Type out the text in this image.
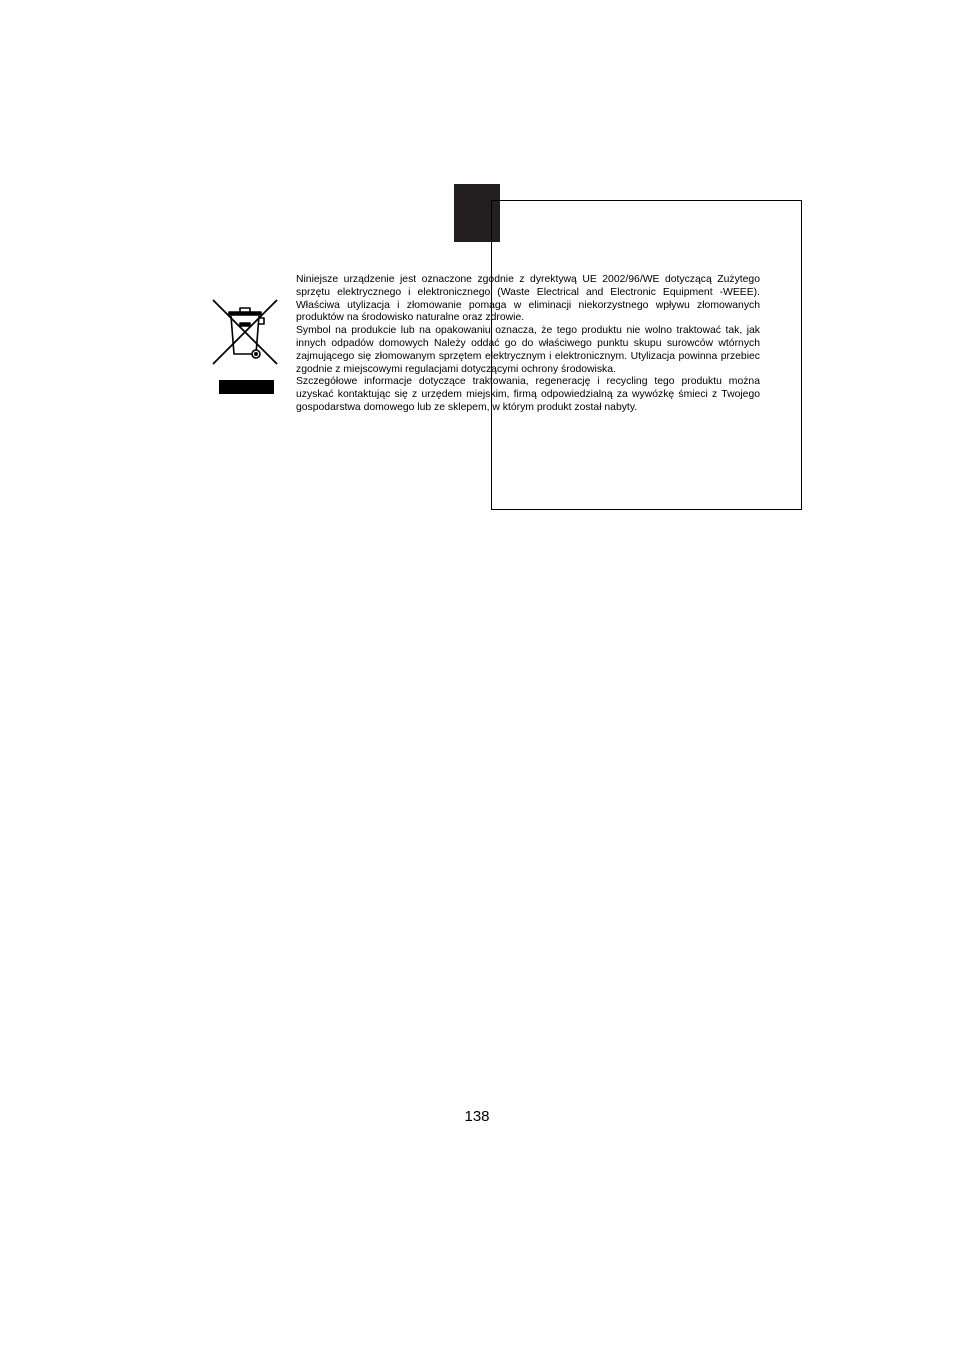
Niniejsze urządzenie jest oznaczone zgodnie z dyrektywą UE 2002/96/WE dotyczącą Zużytego sprzętu elektrycznego i elektronicznego (Waste Electrical and Electronic Equipment -WEEE). Właściwa utylizacja i złomowanie pomaga w eliminacji niekorzystnego wpływu złomowanych produktów na środowisko naturalne oraz zdrowie.

Symbol na produkcie lub na opakowaniu oznacza, że tego produktu nie wolno traktować tak, jak innych odpadów domowych Należy oddać go do właściwego punktu skupu surowców wtórnych zajmującego się złomowanym sprzętem elektrycznym i elektronicznym. Utylizacja powinna przebiec zgodnie z miejscowymi regulacjami dotyczącymi ochrony środowiska.

Szczegółowe informacje dotyczące traktowania, regenerację i recycling tego produktu można uzyskać kontaktując się z urzędem miejskim, firmą odpowiedzialną za wywózkę śmieci z Twojego gospodarstwa domowego lub ze sklepem, w którym produkt został nabyty.

138
